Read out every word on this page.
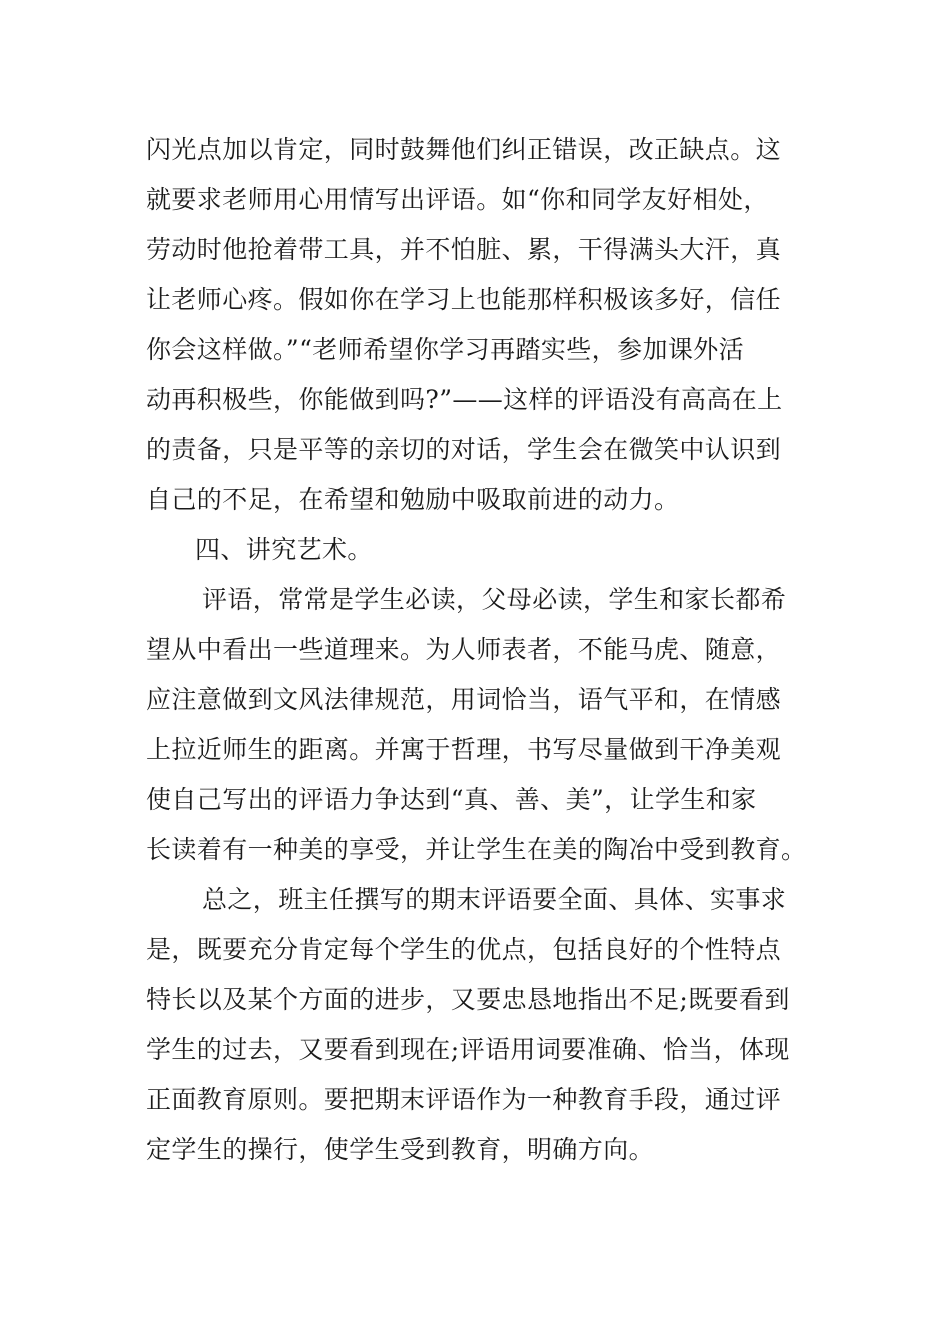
闪光点加以肯定，同时鼓舞他们纠正错误，改正缺点。这
就要求老师用心用情写出评语。如“你和同学友好相处，
劳动时他抢着带工具，并不怕脏、累，干得满头大汗，真
让老师心疼。假如你在学习上也能那样积极该多好，信任
你会这样做。”“老师希望你学习再踏实些，参加课外活
动再积极些，你能做到吗?”——这样的评语没有高高在上
的责备，只是平等的亲切的对话，学生会在微笑中认识到
自己的不足，在希望和勉励中吸取前进的动力。
四、讲究艺术。
评语，常常是学生必读，父母必读，学生和家长都希
望从中看出一些道理来。为人师表者，不能马虎、随意，
应注意做到文风法律规范，用词恰当，语气平和，在情感
上拉近师生的距离。并寓于哲理，书写尽量做到干净美观
使自己写出的评语力争达到“真、善、美”，让学生和家
长读着有一种美的享受，并让学生在美的陶冶中受到教育。
总之，班主任撰写的期末评语要全面、具体、实事求
是，既要充分肯定每个学生的优点，包括良好的个性特点
特长以及某个方面的进步，又要忠恳地指出不足;既要看到
学生的过去，又要看到现在;评语用词要准确、恰当，体现
正面教育原则。要把期末评语作为一种教育手段，通过评
定学生的操行，使学生受到教育，明确方向。
